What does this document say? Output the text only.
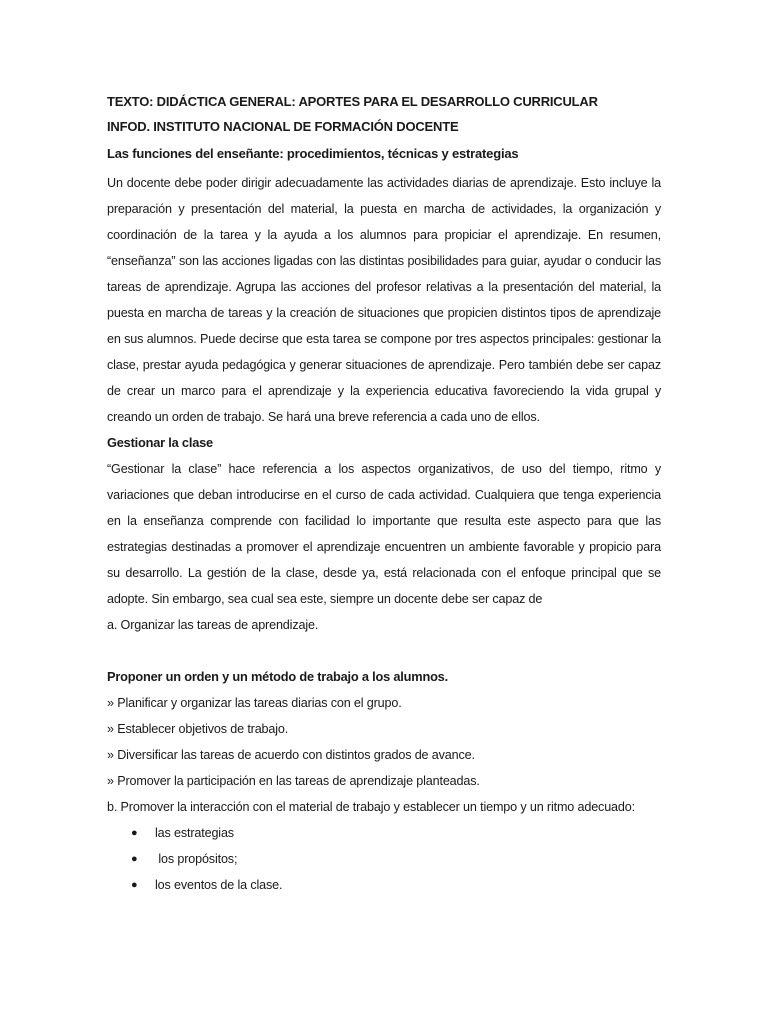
TEXTO: DIDÁCTICA GENERAL: APORTES PARA EL DESARROLLO CURRICULAR

INFOD. INSTITUTO NACIONAL DE FORMACIÓN DOCENTE

Las funciones del enseñante: procedimientos, técnicas y estrategias

Un docente debe poder dirigir adecuadamente las actividades diarias de aprendizaje. Esto incluye la preparación y presentación del material, la puesta en marcha de actividades, la organización y coordinación de la tarea y la ayuda a los alumnos para propiciar el aprendizaje. En resumen, “enseñanza” son las acciones ligadas con las distintas posibilidades para guiar, ayudar o conducir las tareas de aprendizaje. Agrupa las acciones del profesor relativas a la presentación del material, la puesta en marcha de tareas y la creación de situaciones que propicien distintos tipos de aprendizaje en sus alumnos. Puede decirse que esta tarea se compone por tres aspectos principales: gestionar la clase, prestar ayuda pedagógica y generar situaciones de aprendizaje. Pero también debe ser capaz de crear un marco para el aprendizaje y la experiencia educativa favoreciendo la vida grupal y creando un orden de trabajo. Se hará una breve referencia a cada uno de ellos.

Gestionar la clase

“Gestionar la clase” hace referencia a los aspectos organizativos, de uso del tiempo, ritmo y variaciones que deban introducirse en el curso de cada actividad. Cualquiera que tenga experiencia en la enseñanza comprende con facilidad lo importante que resulta este aspecto para que las estrategias destinadas a promover el aprendizaje encuentren un ambiente favorable y propicio para su desarrollo. La gestión de la clase, desde ya, está relacionada con el enfoque principal que se adopte. Sin embargo, sea cual sea este, siempre un docente debe ser capaz de

a. Organizar las tareas de aprendizaje.

Proponer un orden y un método de trabajo a los alumnos.

» Planificar y organizar las tareas diarias con el grupo.

» Establecer objetivos de trabajo.

» Diversificar las tareas de acuerdo con distintos grados de avance.

» Promover la participación en las tareas de aprendizaje planteadas.

b. Promover la interacción con el material de trabajo y establecer un tiempo y un ritmo adecuado:

● las estrategias
● los propósitos;
● los eventos de la clase.
